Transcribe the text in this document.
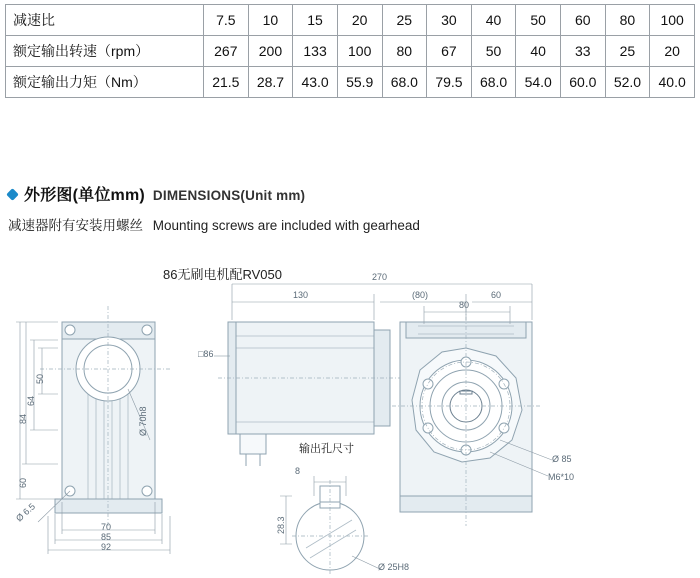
减速比	7.5	10	15	20	25	30	40	50	60	80	100
额定输出转速（rpm）	267	200	133	100	80	67	50	40	33	25	20
额定输出力矩（Nm）	21.5	28.7	43.0	55.9	68.0	79.5	68.0	54.0	60.0	52.0	40.0
外形图(单位mm) DIMENSIONS(Unit mm)
减速器附有安装用螺丝 Mounting screws are included with gearhead
86无刷电机配RV050	270
130	(80)	60
80
□86
84
64
50
60
Ø 70h8
70
85
92
Ø 6.5
输出孔尺寸
8
28.3
Ø 25H8
Ø 85
M6*10
